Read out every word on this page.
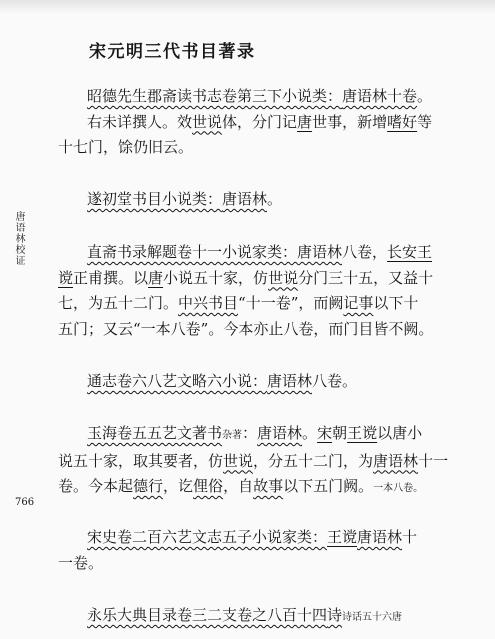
宋元明三代书目著录
唐语林校证
766

昭德先生郡斋读书志卷第三下小说类：唐语林十卷。
右未详撰人。效世说体，分门记唐世事，新增嗜好等
十七门，馀仍旧云。

遂初堂书目小说类：唐语林。

直斋书录解题卷十一小说家类：唐语林八卷，长安王
谠正甫撰。以唐小说五十家，仿世说分门三十五，又益十
七，为五十二门。中兴书目“十一卷”，而阙记事以下十
五门；又云“一本八卷”。今本亦止八卷，而门目皆不阙。

通志卷六八艺文略六小说：唐语林八卷。

玉海卷五五艺文著书杂著：唐语林。宋朝王谠以唐小
说五十家，取其要者，仿世说，分五十二门，为唐语林十一
卷。今本起德行，讫俚俗，自故事以下五门阙。一本八卷。

宋史卷二百六艺文志五子小说家类：王谠唐语林十
一卷。

永乐大典目录卷三二支卷之八百十四诗诗话五十六唐
